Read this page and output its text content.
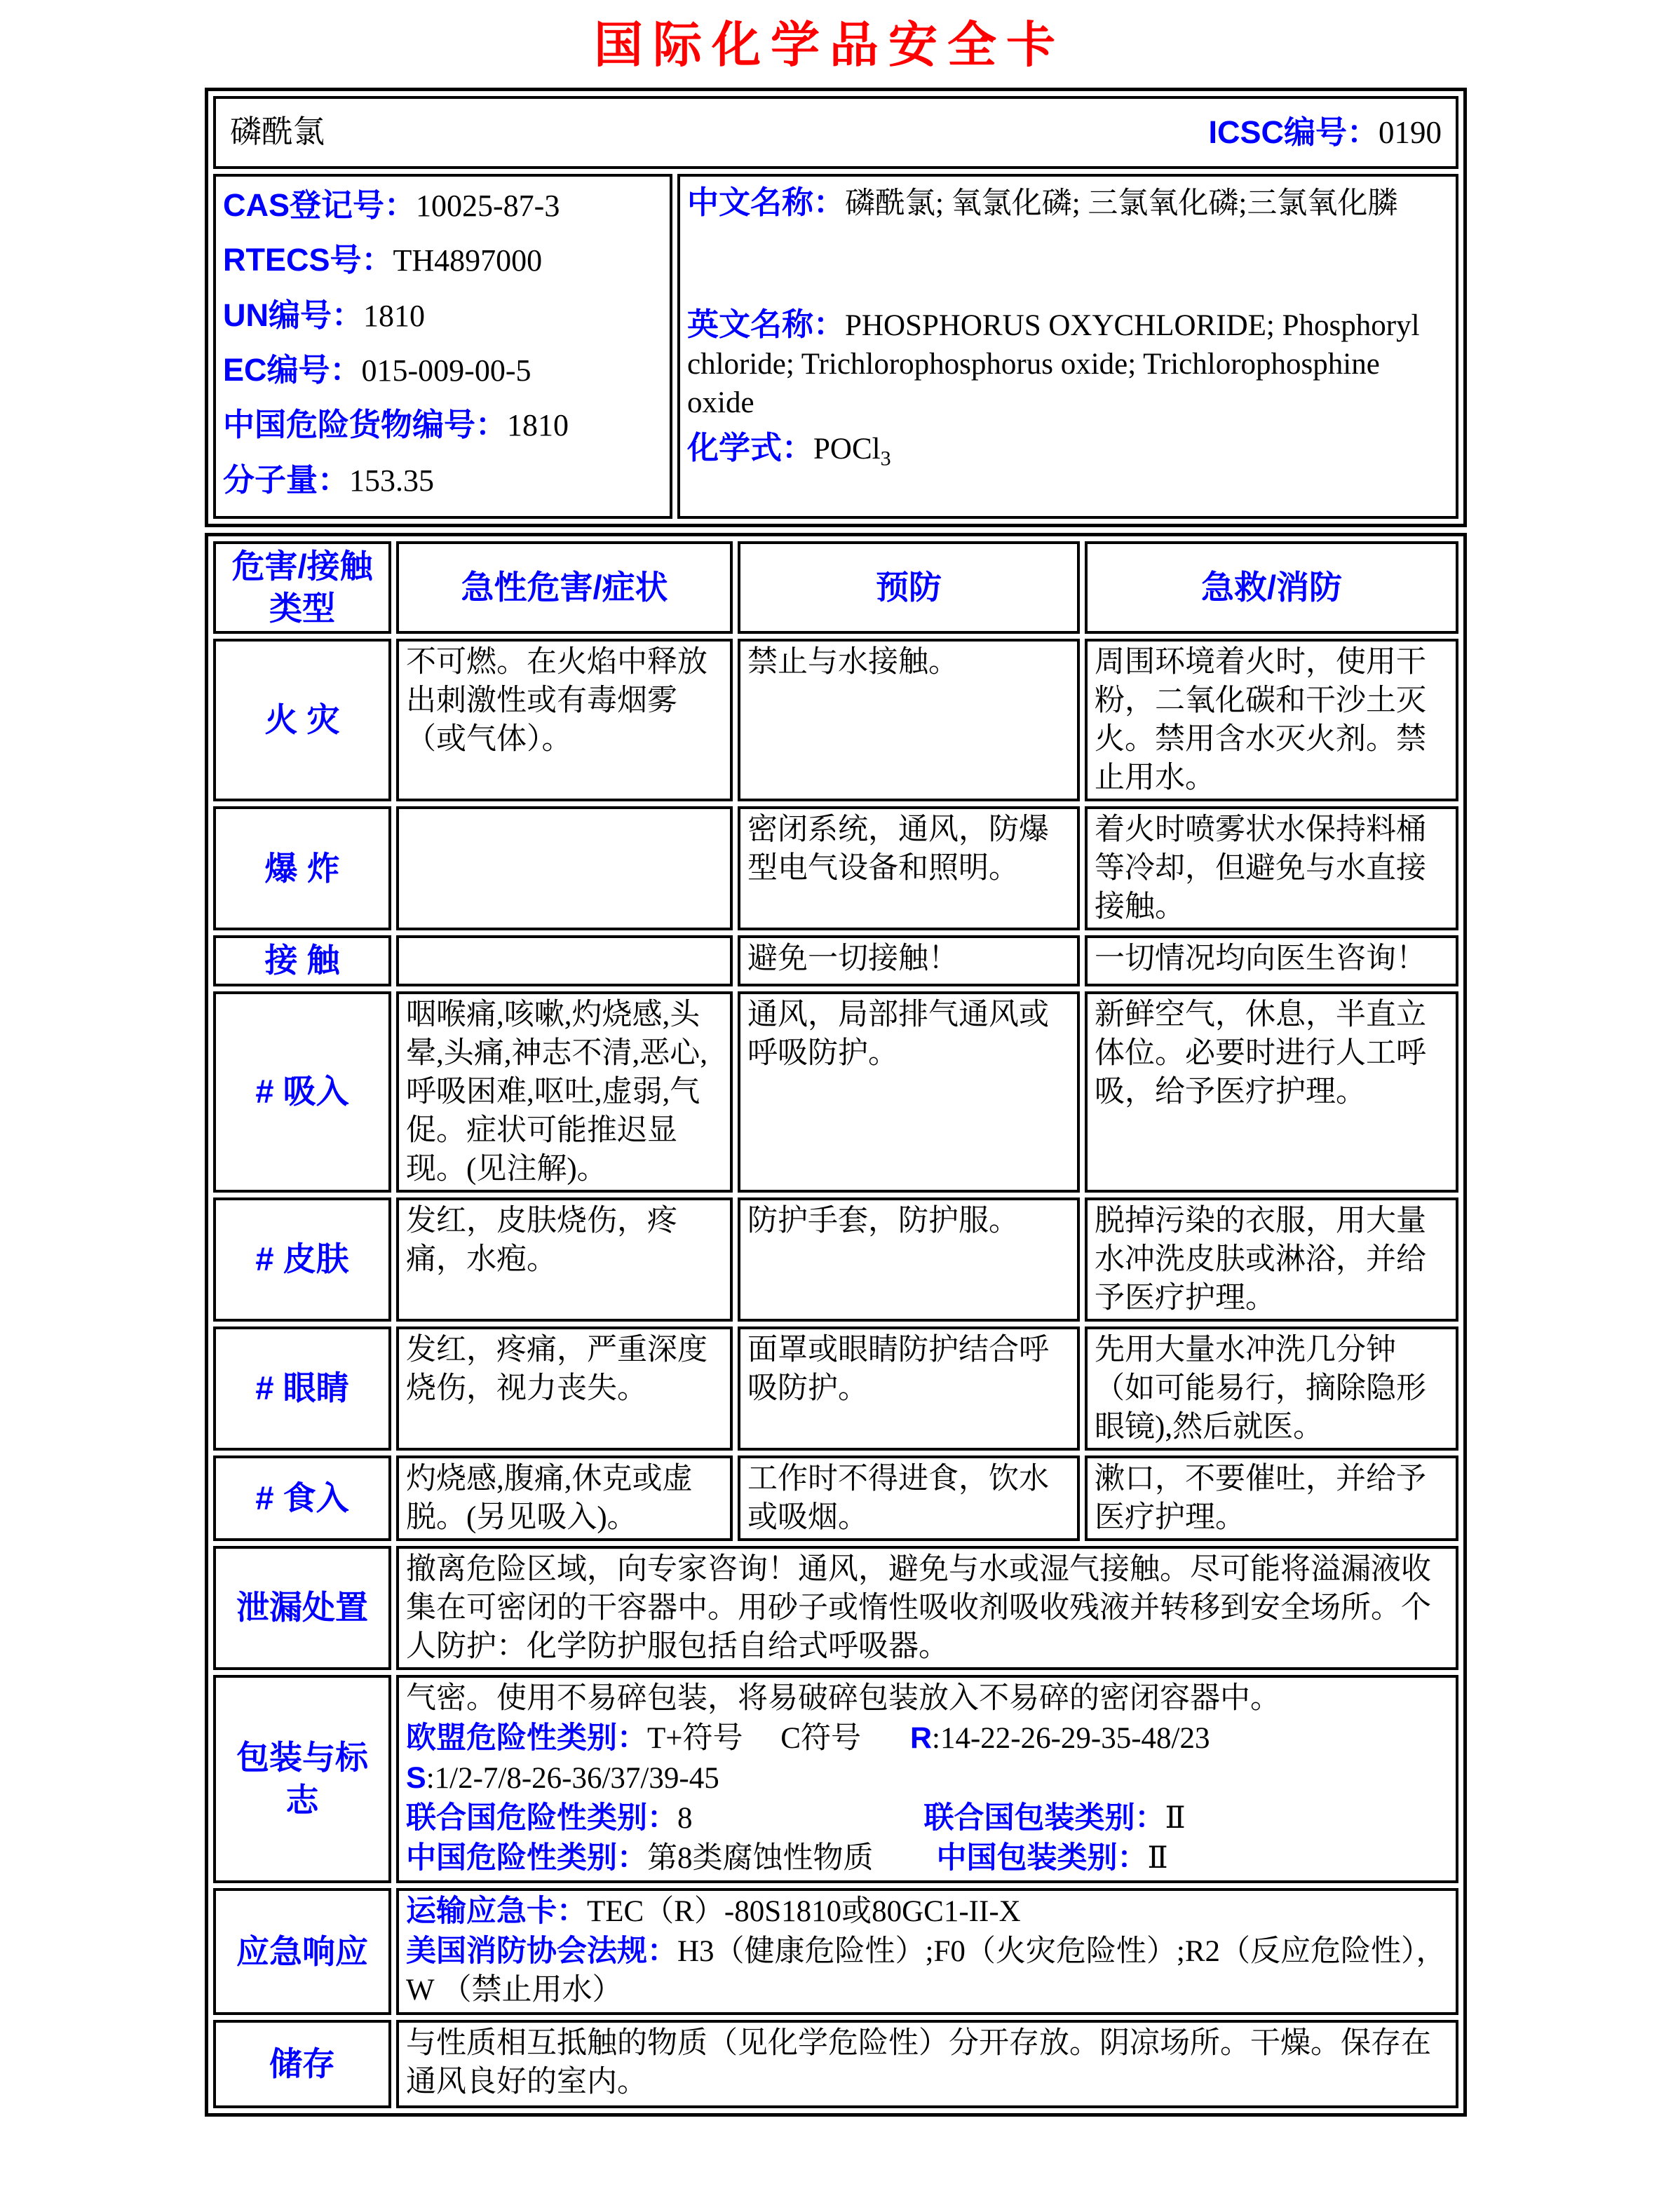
国际化学品安全卡
磷酰氯	ICSC编号：0190

CAS登记号：10025-87-3
RTECS号：TH4897000
UN编号：1810
EC编号：015-009-00-5
中国危险货物编号：1810
分子量：153.35

中文名称：磷酰氯; 氧氯化磷; 三氯氧化磷;三氯氧化膦
英文名称：PHOSPHORUS OXYCHLORIDE; Phosphoryl chloride; Trichlorophosphorus oxide; Trichlorophosphine oxide
化学式：POCl$_3$
危害/接触类型	急性危害/症状	预防	急救/消防
火 灾	不可燃。在火焰中释放出刺激性或有毒烟雾（或气体）。	禁止与水接触。	周围环境着火时，使用干粉，二氧化碳和干沙土灭火。禁用含水灭火剂。禁止用水。
爆 炸		密闭系统，通风，防爆型电气设备和照明。	着火时喷雾状水保持料桶等冷却，但避免与水直接接触。
接 触		避免一切接触！	一切情况均向医生咨询！
# 吸入	咽喉痛,咳嗽,灼烧感,头晕,头痛,神志不清,恶心,呼吸困难,呕吐,虚弱,气促。症状可能推迟显现。(见注解)。	通风，局部排气通风或呼吸防护。	新鲜空气，休息，半直立体位。必要时进行人工呼吸，给予医疗护理。
# 皮肤	发红，皮肤烧伤，疼痛，水疱。	防护手套，防护服。	脱掉污染的衣服，用大量水冲洗皮肤或淋浴，并给予医疗护理。
# 眼睛	发红，疼痛，严重深度烧伤，视力丧失。	面罩或眼睛防护结合呼吸防护。	先用大量水冲洗几分钟（如可能易行，摘除隐形眼镜),然后就医。
# 食入	灼烧感,腹痛,休克或虚脱。(另见吸入)。	工作时不得进食，饮水或吸烟。	漱口，不要催吐，并给予医疗护理。
泄漏处置	撤离危险区域，向专家咨询！通风，避免与水或湿气接触。尽可能将溢漏液收集在可密闭的干容器中。用砂子或惰性吸收剂吸收残液并转移到安全场所。个人防护：化学防护服包括自给式呼吸器。		
包装与标志	气密。使用不易碎包装，将易破碎包装放入不易碎的密闭容器中。
欧盟危险性类别：T+符号     C符号 R:14-22-26-29-35-48/23
S:1/2-7/8-26-36/37/39-45
联合国危险性类别：8 联合国包装类别：Ⅱ
中国危险性类别：第8类腐蚀性物质 中国包装类别：Ⅱ		

应急响应	运输应急卡：TEC（R）-80S1810或80GC1-II-X
美国消防协会法规：H3（健康危险性）;F0（火灾危险性）;R2（反应危险性），W （禁止用水）		

储存	与性质相互抵触的物质（见化学危险性）分开存放。阴凉场所。干燥。保存在通风良好的室内。		
